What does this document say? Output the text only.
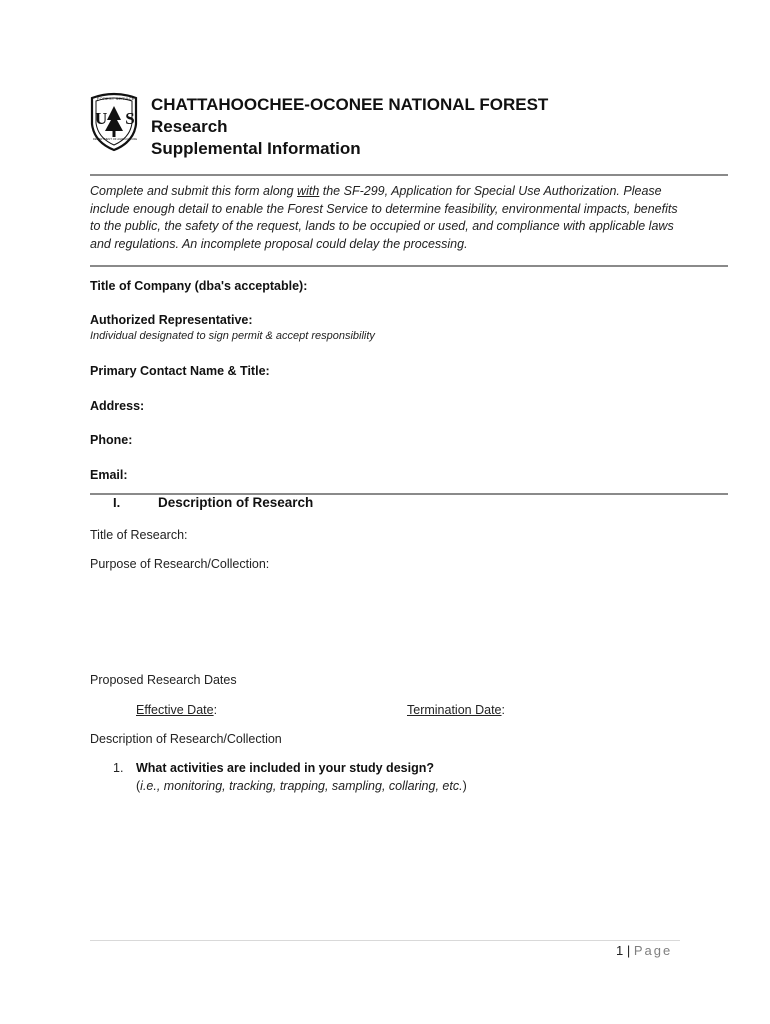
US
FOREST SERVICE
DEPARTMENT OF AGRICULTURE
CHATTAHOOCHEE-OCONEE NATIONAL FOREST
Research
Supplemental Information
Complete and submit this form along with the SF-299, Application for Special Use Authorization. Please include enough detail to enable the Forest Service to determine feasibility, environmental impacts, benefits to the public, the safety of the request, lands to be occupied or used, and compliance with applicable laws and regulations. An incomplete proposal could delay the processing.
Title of Company (dba's acceptable):
Authorized Representative:
Individual designated to sign permit & accept responsibility
Primary Contact Name & Title:
Address:
Phone:
Email:
I.	Description of Research
Title of Research:
Purpose of Research/Collection:
Proposed Research Dates
Effective Date:	Termination Date:
Description of Research/Collection
1. What activities are included in your study design?
(i.e., monitoring, tracking, trapping, sampling, collaring, etc.)
1 | Page
